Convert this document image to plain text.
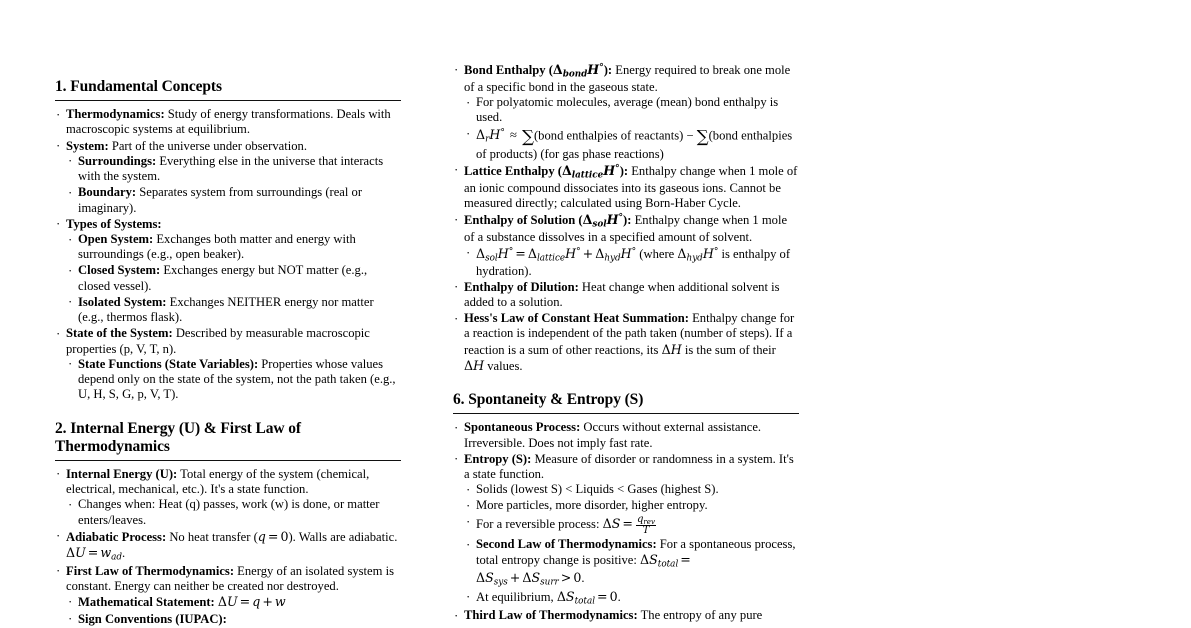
1. Fundamental Concepts
· Thermodynamics: Study of energy transformations. Deals with macroscopic systems at equilibrium.
· System: Part of the universe under observation.
· Surroundings: Everything else in the universe that interacts with the system.
· Boundary: Separates system from surroundings (real or imaginary).
· Types of Systems:
· Open System: Exchanges both matter and energy with surroundings (e.g., open beaker).
· Closed System: Exchanges energy but NOT matter (e.g., closed vessel).
· Isolated System: Exchanges NEITHER energy nor matter (e.g., thermos flask).
· State of the System: Described by measurable macroscopic properties (p, V, T, n).
· State Functions (State Variables): Properties whose values depend only on the state of the system, not the path taken (e.g., U, H, S, G, p, V, T).
2. Internal Energy (U) & First Law of Thermodynamics
· Internal Energy (U): Total energy of the system (chemical, electrical, mechanical, etc.). It's a state function.
· Changes when: Heat (q) passes, work (w) is done, or matter enters/leaves.
· Adiabatic Process: No heat transfer (q = 0). Walls are adiabatic. $\Delta U = w_{ad}$.
· First Law of Thermodynamics: Energy of an isolated system is constant. Energy can neither be created nor destroyed.
· Mathematical Statement: ΔU = q + w
· Sign Conventions (IUPAC):
· Bond Enthalpy $(\Delta_{bond}H^\circ)$: Energy required to break one mole of a specific bond in the gaseous state.
· For polyatomic molecules, average (mean) bond enthalpy is used.
· $\Delta_rH^\circ$ ≈ ∑(bond enthalpies of reactants) − ∑(bond enthalpies of products) (for gas phase reactions)
· Lattice Enthalpy $(\Delta_{lattice}H^\circ)$: Enthalpy change when 1 mole of an ionic compound dissociates into its gaseous ions. Cannot be measured directly; calculated using Born-Haber Cycle.
· Enthalpy of Solution $(\Delta_{sol}H^\circ)$: Enthalpy change when 1 mole of a substance dissolves in a specified amount of solvent.
· $\Delta_{sol}H^\circ = \Delta_{lattice}H^\circ + \Delta_{hyd}H^\circ$ (where $\Delta_{hyd}H^\circ$ is enthalpy of hydration).
· Enthalpy of Dilution: Heat change when additional solvent is added to a solution.
· Hess's Law of Constant Heat Summation: Enthalpy change for a reaction is independent of the path taken (number of steps). If a reaction is a sum of other reactions, its ΔH is the sum of their ΔH values.
6. Spontaneity & Entropy (S)
· Spontaneous Process: Occurs without external assistance. Irreversible. Does not imply fast rate.
· Entropy (S): Measure of disorder or randomness in a system. It's a state function.
· Solids (lowest S) < Liquids < Gases (highest S).
· More particles, more disorder, higher entropy.
· For a reversible process: $\Delta S = \frac{q_{rev}}{T}$
· Second Law of Thermodynamics: For a spontaneous process, total entropy change is positive: $\Delta S_{total} = \Delta S_{sys} + \Delta S_{surr} > 0$.
· At equilibrium, $\Delta S_{total} = 0$.
· Third Law of Thermodynamics: The entropy of any pure
